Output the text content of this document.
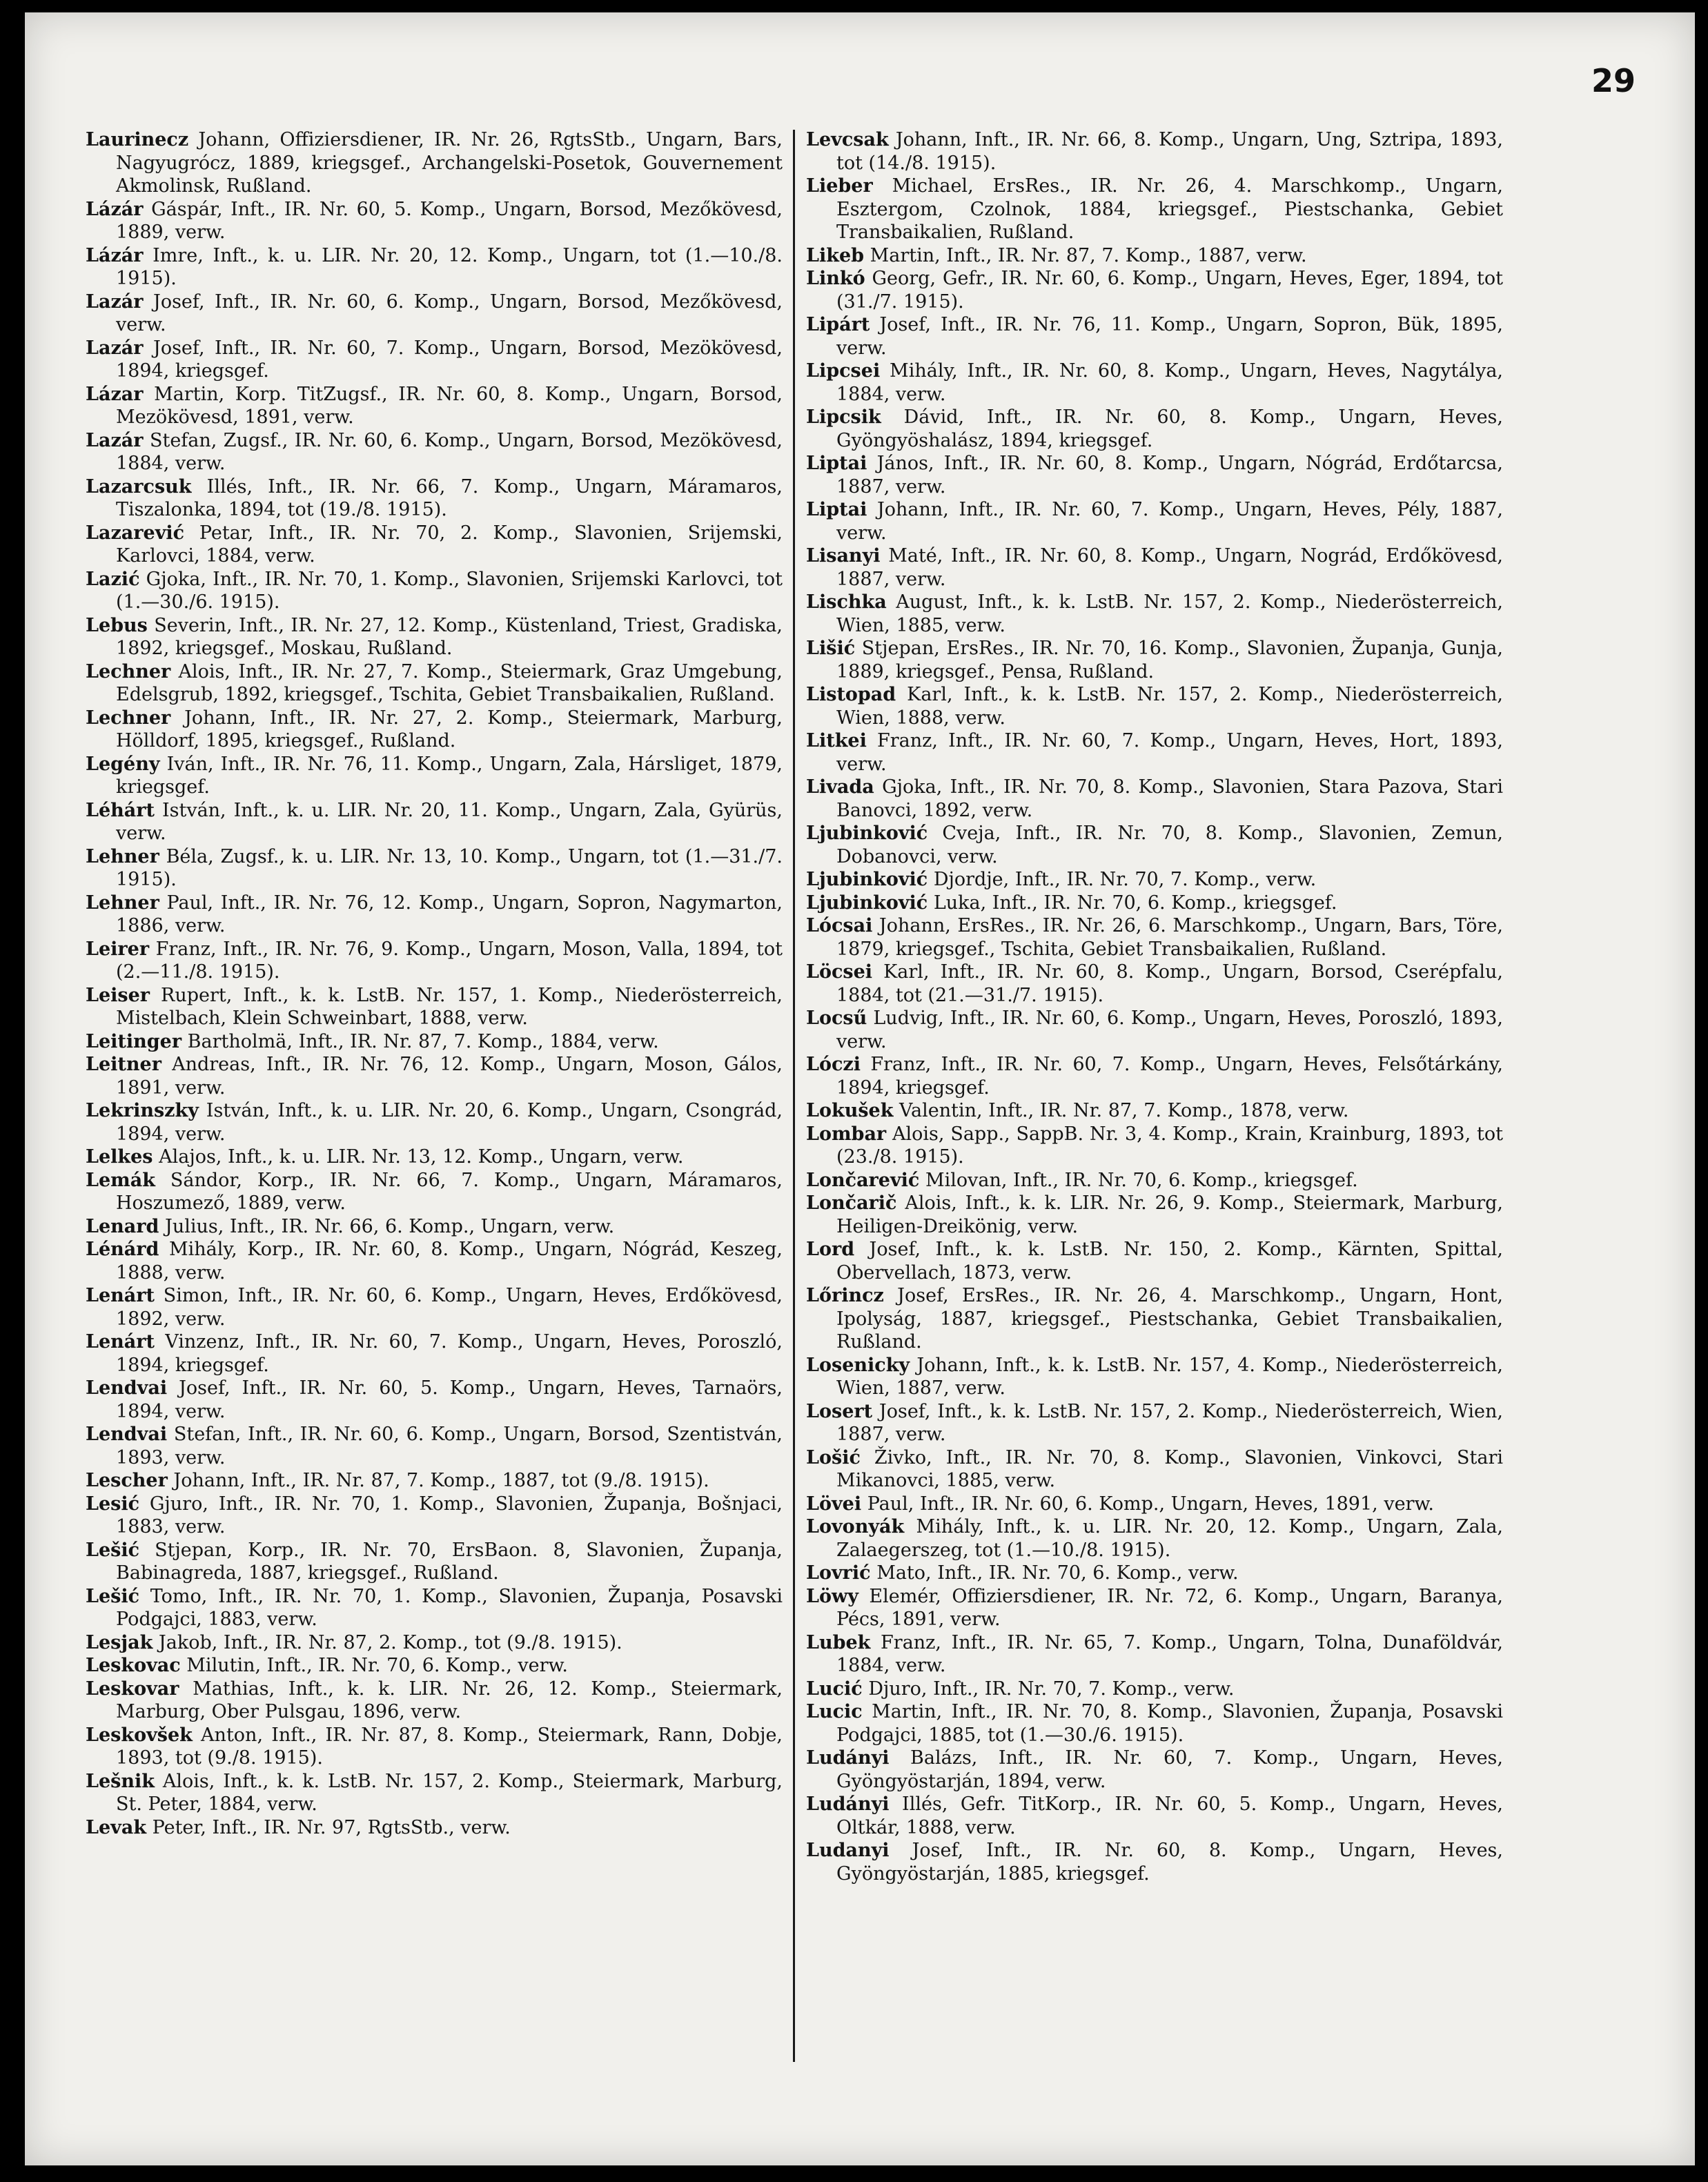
29

Laurinecz Johann, Offiziersdiener, IR. Nr. 26, RgtsStb., Ungarn, Bars, Nagyugrócz, 1889, kriegsgef., Archangelski-Posetok, Gouvernement Akmolinsk, Rußland.

Lázár Gáspár, Inft., IR. Nr. 60, 5. Komp., Ungarn, Borsod, Mezőkövesd, 1889, verw.

Lázár Imre, Inft., k. u. LIR. Nr. 20, 12. Komp., Ungarn, tot (1.—10./8. 1915).

Lazár Josef, Inft., IR. Nr. 60, 6. Komp., Ungarn, Borsod, Mezőkövesd, verw.

Lazár Josef, Inft., IR. Nr. 60, 7. Komp., Ungarn, Borsod, Mezökövesd, 1894, kriegsgef.

Lázar Martin, Korp. TitZugsf., IR. Nr. 60, 8. Komp., Ungarn, Borsod, Mezökövesd, 1891, verw.

Lazár Stefan, Zugsf., IR. Nr. 60, 6. Komp., Ungarn, Borsod, Mezökövesd, 1884, verw.

Lazarcsuk Illés, Inft., IR. Nr. 66, 7. Komp., Ungarn, Máramaros, Tiszalonka, 1894, tot (19./8. 1915).

Lazarević Petar, Inft., IR. Nr. 70, 2. Komp., Slavonien, Srijemski, Karlovci, 1884, verw.

Lazić Gjoka, Inft., IR. Nr. 70, 1. Komp., Slavonien, Srijemski Karlovci, tot (1.—30./6. 1915).

Lebus Severin, Inft., IR. Nr. 27, 12. Komp., Küstenland, Triest, Gradiska, 1892, kriegsgef., Moskau, Rußland.

Lechner Alois, Inft., IR. Nr. 27, 7. Komp., Steiermark, Graz Umgebung, Edelsgrub, 1892, kriegsgef., Tschita, Gebiet Transbaikalien, Rußland.

Lechner Johann, Inft., IR. Nr. 27, 2. Komp., Steiermark, Marburg, Hölldorf, 1895, kriegsgef., Rußland.

Legény Iván, Inft., IR. Nr. 76, 11. Komp., Ungarn, Zala, Hársliget, 1879, kriegsgef.

Léhárt István, Inft., k. u. LIR. Nr. 20, 11. Komp., Ungarn, Zala, Gyürüs, verw.

Lehner Béla, Zugsf., k. u. LIR. Nr. 13, 10. Komp., Ungarn, tot (1.—31./7. 1915).

Lehner Paul, Inft., IR. Nr. 76, 12. Komp., Ungarn, Sopron, Nagymarton, 1886, verw.

Leirer Franz, Inft., IR. Nr. 76, 9. Komp., Ungarn, Moson, Valla, 1894, tot (2.—11./8. 1915).

Leiser Rupert, Inft., k. k. LstB. Nr. 157, 1. Komp., Niederösterreich, Mistelbach, Klein Schweinbart, 1888, verw.

Leitinger Bartholmä, Inft., IR. Nr. 87, 7. Komp., 1884, verw.

Leitner Andreas, Inft., IR. Nr. 76, 12. Komp., Ungarn, Moson, Gálos, 1891, verw.

Lekrinszky István, Inft., k. u. LIR. Nr. 20, 6. Komp., Ungarn, Csongrád, 1894, verw.

Lelkes Alajos, Inft., k. u. LIR. Nr. 13, 12. Komp., Ungarn, verw.

Lemák Sándor, Korp., IR. Nr. 66, 7. Komp., Ungarn, Máramaros, Hoszumező, 1889, verw.

Lenard Julius, Inft., IR. Nr. 66, 6. Komp., Ungarn, verw.

Lénárd Mihály, Korp., IR. Nr. 60, 8. Komp., Ungarn, Nógrád, Keszeg, 1888, verw.

Lenárt Simon, Inft., IR. Nr. 60, 6. Komp., Ungarn, Heves, Erdőkövesd, 1892, verw.

Lenárt Vinzenz, Inft., IR. Nr. 60, 7. Komp., Ungarn, Heves, Poroszló, 1894, kriegsgef.

Lendvai Josef, Inft., IR. Nr. 60, 5. Komp., Ungarn, Heves, Tarnaörs, 1894, verw.

Lendvai Stefan, Inft., IR. Nr. 60, 6. Komp., Ungarn, Borsod, Szentistván, 1893, verw.

Lescher Johann, Inft., IR. Nr. 87, 7. Komp., 1887, tot (9./8. 1915).

Lesić Gjuro, Inft., IR. Nr. 70, 1. Komp., Slavonien, Županja, Bošnjaci, 1883, verw.

Lešić Stjepan, Korp., IR. Nr. 70, ErsBaon. 8, Slavonien, Županja, Babinagreda, 1887, kriegsgef., Rußland.

Lešić Tomo, Inft., IR. Nr. 70, 1. Komp., Slavonien, Županja, Posavski Podgajci, 1883, verw.

Lesjak Jakob, Inft., IR. Nr. 87, 2. Komp., tot (9./8. 1915).

Leskovac Milutin, Inft., IR. Nr. 70, 6. Komp., verw.

Leskovar Mathias, Inft., k. k. LIR. Nr. 26, 12. Komp., Steiermark, Marburg, Ober Pulsgau, 1896, verw.

Leskovšek Anton, Inft., IR. Nr. 87, 8. Komp., Steiermark, Rann, Dobje, 1893, tot (9./8. 1915).

Lešnik Alois, Inft., k. k. LstB. Nr. 157, 2. Komp., Steiermark, Marburg, St. Peter, 1884, verw.

Levak Peter, Inft., IR. Nr. 97, RgtsStb., verw.

Levcsak Johann, Inft., IR. Nr. 66, 8. Komp., Ungarn, Ung, Sztripa, 1893, tot (14./8. 1915).

Lieber Michael, ErsRes., IR. Nr. 26, 4. Marschkomp., Ungarn, Esztergom, Czolnok, 1884, kriegsgef., Piestschanka, Gebiet Transbaikalien, Rußland.

Likeb Martin, Inft., IR. Nr. 87, 7. Komp., 1887, verw.

Linkó Georg, Gefr., IR. Nr. 60, 6. Komp., Ungarn, Heves, Eger, 1894, tot (31./7. 1915).

Lipárt Josef, Inft., IR. Nr. 76, 11. Komp., Ungarn, Sopron, Bük, 1895, verw.

Lipcsei Mihály, Inft., IR. Nr. 60, 8. Komp., Ungarn, Heves, Nagytálya, 1884, verw.

Lipcsik Dávid, Inft., IR. Nr. 60, 8. Komp., Ungarn, Heves, Gyöngyöshalász, 1894, kriegsgef.

Liptai János, Inft., IR. Nr. 60, 8. Komp., Ungarn, Nógrád, Erdőtarcsa, 1887, verw.

Liptai Johann, Inft., IR. Nr. 60, 7. Komp., Ungarn, Heves, Pély, 1887, verw.

Lisanyi Maté, Inft., IR. Nr. 60, 8. Komp., Ungarn, Nográd, Erdőkövesd, 1887, verw.

Lischka August, Inft., k. k. LstB. Nr. 157, 2. Komp., Niederösterreich, Wien, 1885, verw.

Lišić Stjepan, ErsRes., IR. Nr. 70, 16. Komp., Slavonien, Županja, Gunja, 1889, kriegsgef., Pensa, Rußland.

Listopad Karl, Inft., k. k. LstB. Nr. 157, 2. Komp., Niederösterreich, Wien, 1888, verw.

Litkei Franz, Inft., IR. Nr. 60, 7. Komp., Ungarn, Heves, Hort, 1893, verw.

Livada Gjoka, Inft., IR. Nr. 70, 8. Komp., Slavonien, Stara Pazova, Stari Banovci, 1892, verw.

Ljubinković Cveja, Inft., IR. Nr. 70, 8. Komp., Slavonien, Zemun, Dobanovci, verw.

Ljubinković Djordje, Inft., IR. Nr. 70, 7. Komp., verw.

Ljubinković Luka, Inft., IR. Nr. 70, 6. Komp., kriegsgef.

Lócsai Johann, ErsRes., IR. Nr. 26, 6. Marschkomp., Ungarn, Bars, Töre, 1879, kriegsgef., Tschita, Gebiet Transbaikalien, Rußland.

Löcsei Karl, Inft., IR. Nr. 60, 8. Komp., Ungarn, Borsod, Cserépfalu, 1884, tot (21.—31./7. 1915).

Locsű Ludvig, Inft., IR. Nr. 60, 6. Komp., Ungarn, Heves, Poroszló, 1893, verw.

Lóczi Franz, Inft., IR. Nr. 60, 7. Komp., Ungarn, Heves, Felsőtárkány, 1894, kriegsgef.

Lokušek Valentin, Inft., IR. Nr. 87, 7. Komp., 1878, verw.

Lombar Alois, Sapp., SappB. Nr. 3, 4. Komp., Krain, Krainburg, 1893, tot (23./8. 1915).

Lončarević Milovan, Inft., IR. Nr. 70, 6. Komp., kriegsgef.

Lončarič Alois, Inft., k. k. LIR. Nr. 26, 9. Komp., Steiermark, Marburg, Heiligen-Dreikönig, verw.

Lord Josef, Inft., k. k. LstB. Nr. 150, 2. Komp., Kärnten, Spittal, Obervellach, 1873, verw.

Lőrincz Josef, ErsRes., IR. Nr. 26, 4. Marschkomp., Ungarn, Hont, Ipolyság, 1887, kriegsgef., Piestschanka, Gebiet Transbaikalien, Rußland.

Losenicky Johann, Inft., k. k. LstB. Nr. 157, 4. Komp., Niederösterreich, Wien, 1887, verw.

Losert Josef, Inft., k. k. LstB. Nr. 157, 2. Komp., Niederösterreich, Wien, 1887, verw.

Lošić Živko, Inft., IR. Nr. 70, 8. Komp., Slavonien, Vinkovci, Stari Mikanovci, 1885, verw.

Lövei Paul, Inft., IR. Nr. 60, 6. Komp., Ungarn, Heves, 1891, verw.

Lovonyák Mihály, Inft., k. u. LIR. Nr. 20, 12. Komp., Ungarn, Zala, Zalaegerszeg, tot (1.—10./8. 1915).

Lovrić Mato, Inft., IR. Nr. 70, 6. Komp., verw.

Löwy Elemér, Offiziersdiener, IR. Nr. 72, 6. Komp., Ungarn, Baranya, Pécs, 1891, verw.

Lubek Franz, Inft., IR. Nr. 65, 7. Komp., Ungarn, Tolna, Dunaföldvár, 1884, verw.

Lucić Djuro, Inft., IR. Nr. 70, 7. Komp., verw.

Lucic Martin, Inft., IR. Nr. 70, 8. Komp., Slavonien, Županja, Posavski Podgajci, 1885, tot (1.—30./6. 1915).

Ludányi Balázs, Inft., IR. Nr. 60, 7. Komp., Ungarn, Heves, Gyöngyöstarján, 1894, verw.

Ludányi Illés, Gefr. TitKorp., IR. Nr. 60, 5. Komp., Ungarn, Heves, Oltkár, 1888, verw.

Ludanyi Josef, Inft., IR. Nr. 60, 8. Komp., Ungarn, Heves, Gyöngyöstarján, 1885, kriegsgef.
